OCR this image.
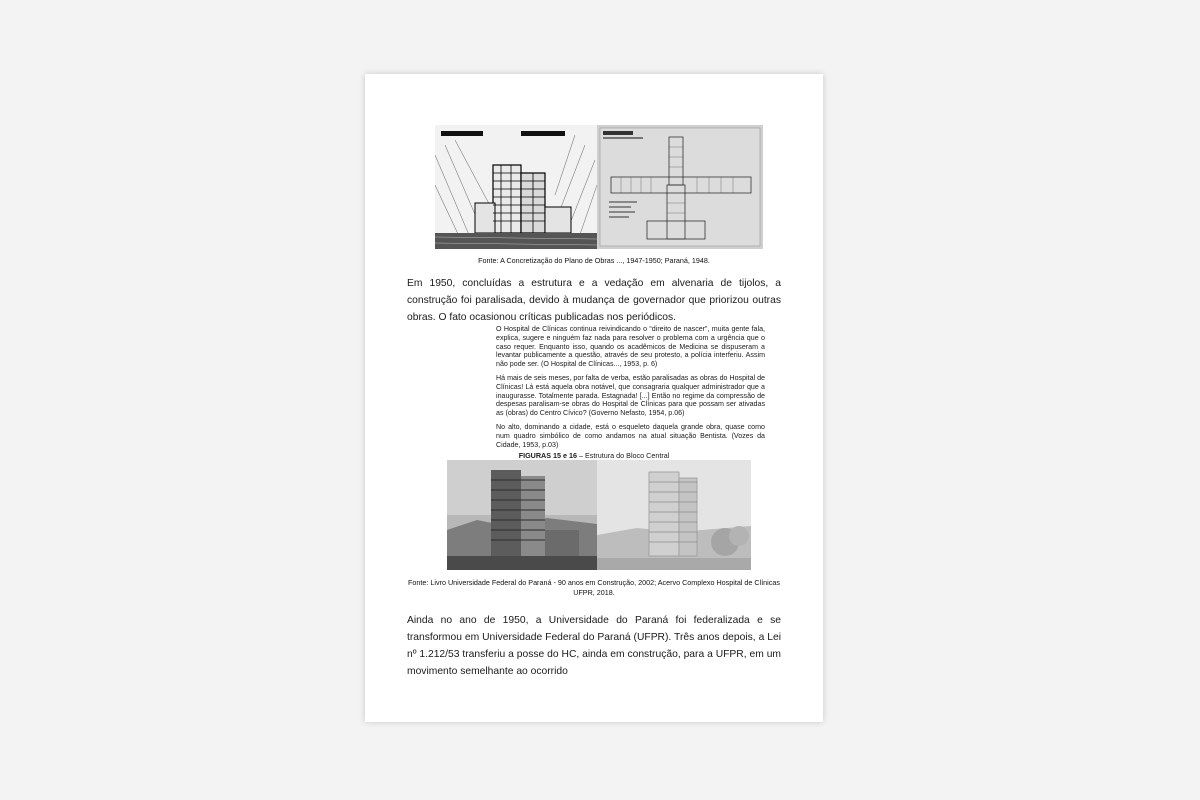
Fonte: A Concretização do Plano de Obras ..., 1947-1950; Paraná, 1948.
Em 1950, concluídas a estrutura e a vedação em alvenaria de tijolos, a construção foi paralisada, devido à mudança de governador que priorizou outras obras. O fato ocasionou críticas publicadas nos periódicos.
O Hospital de Clínicas continua reivindicando o “direito de nascer”, muita gente fala, explica, sugere e ninguém faz nada para resolver o problema com a urgência que o caso requer. Enquanto isso, quando os acadêmicos de Medicina se dispuseram a levantar publicamente a questão, através de seu protesto, a polícia interferiu. Assim não pode ser. (O Hospital de Clínicas..., 1953, p. 6)
Há mais de seis meses, por falta de verba, estão paralisadas as obras do Hospital de Clínicas! Lá está aquela obra notável, que consagraria qualquer administrador que a inaugurasse. Totalmente parada. Estagnada! [...] Então no regime da compressão de despesas paralisam-se obras do Hospital de Clínicas para que possam ser ativadas as (obras) do Centro Cívico? (Governo Nefasto, 1954, p.06)
No alto, dominando a cidade, está o esqueleto daquela grande obra, quase como num quadro simbólico de como andamos na atual situação Bentista. (Vozes da Cidade, 1953, p.03)
FIGURAS 15 e 16 – Estrutura do Bloco Central
Fonte: Livro Universidade Federal do Paraná - 90 anos em Construção, 2002; Acervo Complexo Hospital de Clínicas UFPR, 2018.
Ainda no ano de 1950, a Universidade do Paraná foi federalizada e se transformou em Universidade Federal do Paraná (UFPR). Três anos depois, a Lei nº 1.212/53 transferiu a posse do HC, ainda em construção, para a UFPR, em um movimento semelhante ao ocorrido
